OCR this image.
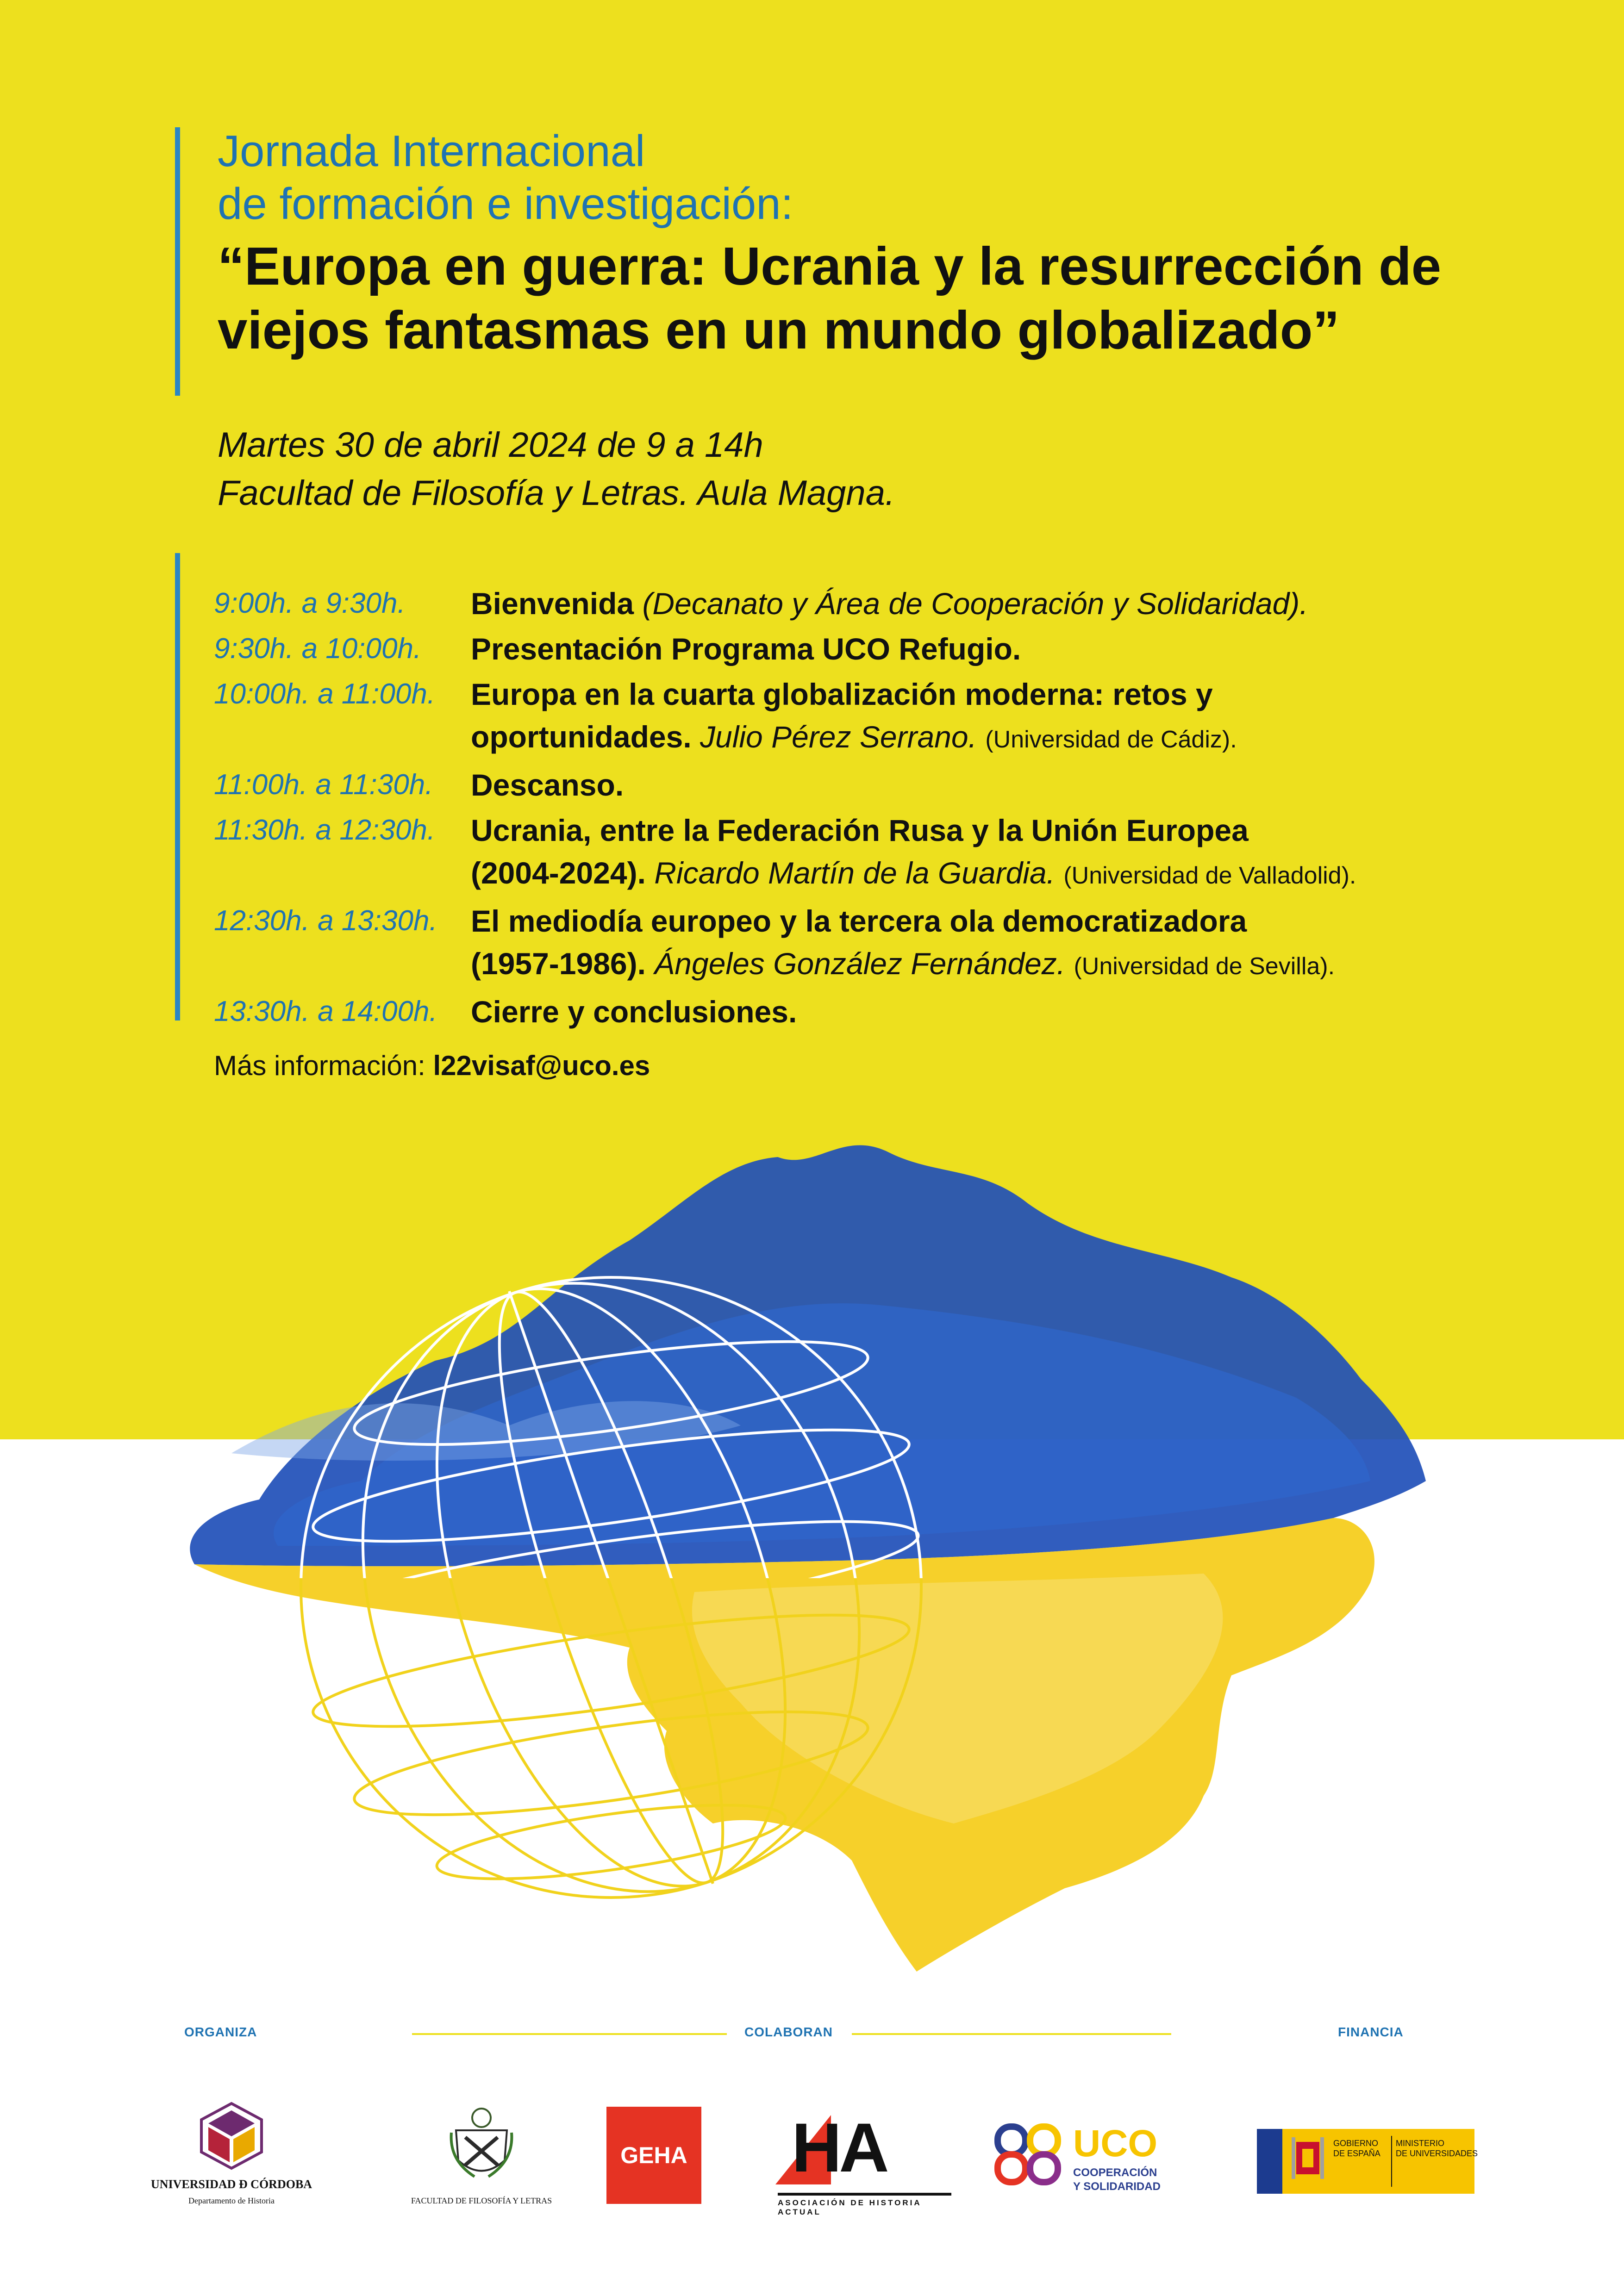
Jornada Internacional

de formación e investigación:

“Europa en guerra: Ucrania y la resurrección de

viejos fantasmas en un mundo globalizado”

Martes 30 de abril 2024 de 9 a 14h
Facultad de Filosofía y Letras. Aula Magna.
9:00h. a 9:30h.	Bienvenida (Decanato y Área de Cooperación y Solidaridad).
9:30h. a 10:00h.	Presentación Programa UCO Refugio.
10:00h. a 11:00h.	Europa en la cuarta globalización moderna: retos y
oportunidades. Julio Pérez Serrano. (Universidad de Cádiz).
11:00h. a 11:30h.	Descanso.
11:30h. a 12:30h.	Ucrania, entre la Federación Rusa y la Unión Europea
(2004-2024). Ricardo Martín de la Guardia. (Universidad de Valladolid).
12:30h. a 13:30h.	El mediodía europeo y la tercera ola democratizadora
(1957-1986). Ángeles González Fernández. (Universidad de Sevilla).
13:30h. a 14:00h.	Cierre y conclusiones.
Más información: l22visaf@uco.es
ORGANIZA	COLABORAN	FINANCIA
UNIVERSIDAD Ð CÓRDOBA
Departamento de Historia	FACULTAD DE FILOSOFÍA Y LETRAS
GEHA HA
ASOCIACIÓN DE HISTORIA ACTUAL
UCO
COOPERACIÓN
Y SOLIDARIDAD
GOBIERNO
DE ESPAÑA
MINISTERIO
DE UNIVERSIDADES
